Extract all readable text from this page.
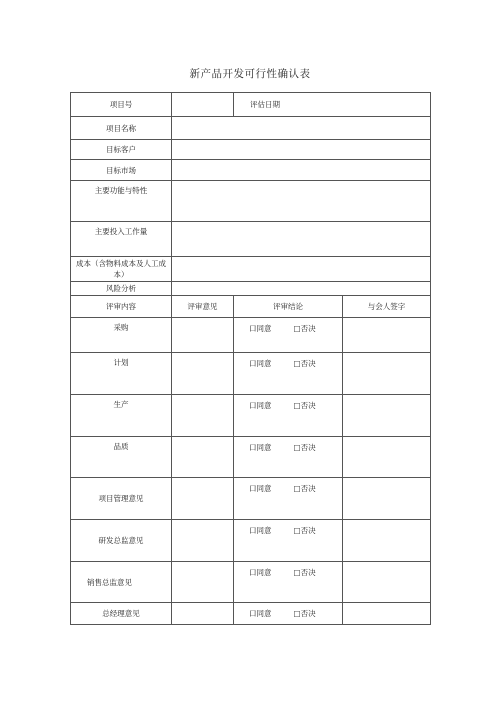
新产品开发可行性确认表
项目号		评估日期	
项目名称			
目标客户			
目标市场			
主要功能与特性			
主要投入工作量			
成本（含物料成本及人工成本）			
风险分析			
评审内容	评审意见	评审结论	与会人签字
采购		口同意 □否决	
计划		口同意 □否决	
生产		口同意 □否决	
品质		口同意 □否决	
项目管理意见		口同意 □否决	
研发总监意见		口同意 □否决	
销售总监意见		口同意 □否决	
总经理意见		口同意 □否决	
